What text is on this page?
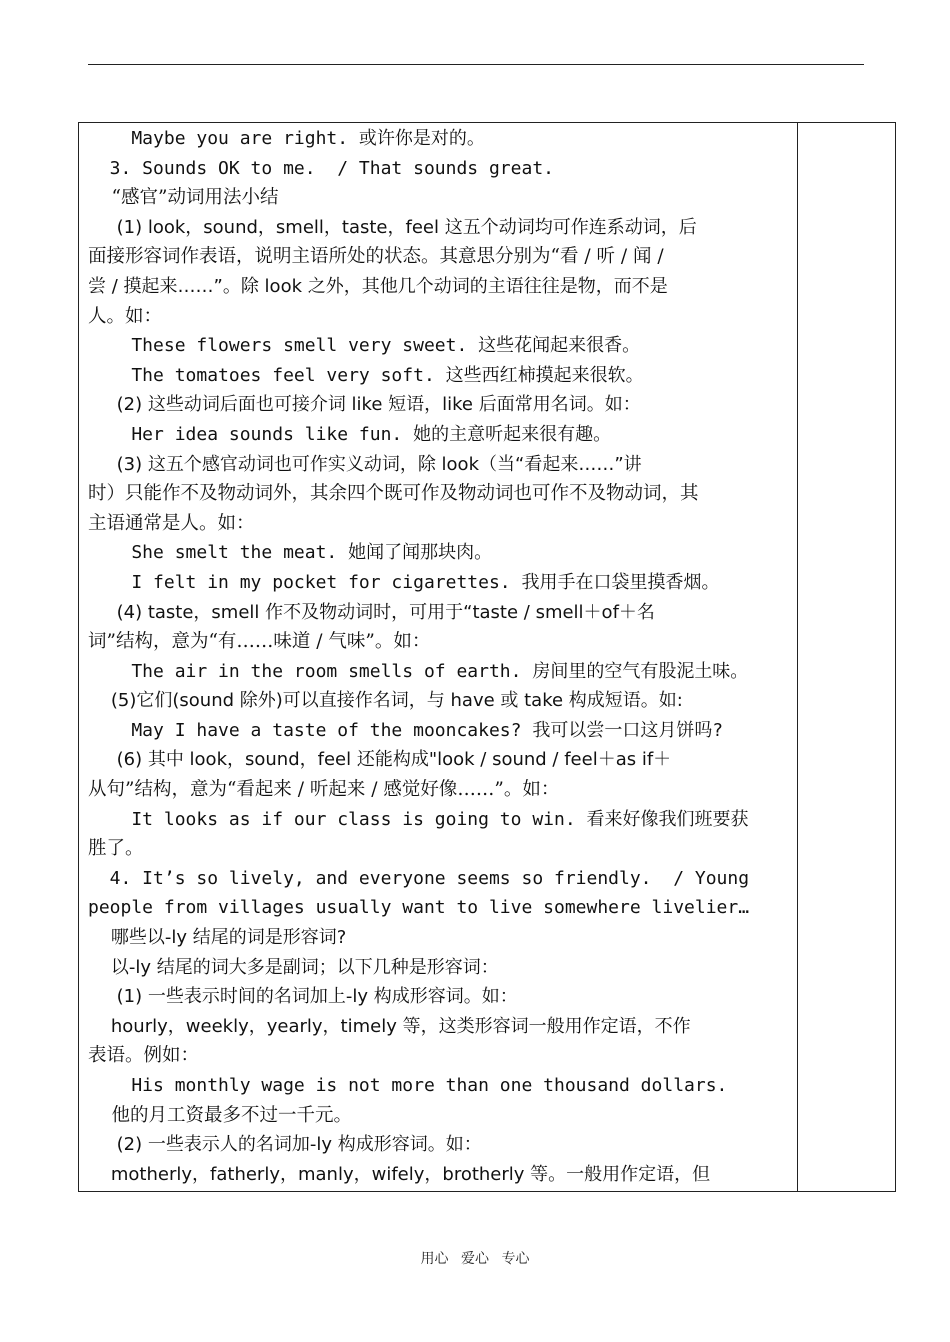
Maybe you are right. 或许你是对的。
3. Sounds OK to me.  / That sounds great.
“感官”动词用法小结
(1) look，sound，smell，taste，feel 这五个动词均可作连系动词，后
面接形容词作表语，说明主语所处的状态。其意思分别为“看 / 听 / 闻 /
尝 / 摸起来……”。除 look 之外，其他几个动词的主语往往是物，而不是
人。如：
These flowers smell very sweet. 这些花闻起来很香。
The tomatoes feel very soft. 这些西红柿摸起来很软。
(2) 这些动词后面也可接介词 like 短语，like 后面常用名词。如：
Her idea sounds like fun. 她的主意听起来很有趣。
(3) 这五个感官动词也可作实义动词，除 look（当“看起来……”讲
时）只能作不及物动词外，其余四个既可作及物动词也可作不及物动词，其
主语通常是人。如：
She smelt the meat. 她闻了闻那块肉。
I felt in my pocket for cigarettes. 我用手在口袋里摸香烟。
(4) taste，smell 作不及物动词时，可用于“taste / smell＋of＋名
词”结构，意为“有……味道 / 气味”。如：
The air in the room smells of earth. 房间里的空气有股泥土味。
(5)它们(sound 除外)可以直接作名词，与 have 或 take 构成短语。如:
May I have a taste of the mooncakes? 我可以尝一口这月饼吗?
(6) 其中 look，sound，feel 还能构成"look / sound / feel＋as if＋
从句”结构，意为“看起来 / 听起来 / 感觉好像……”。如：
It looks as if our class is going to win. 看来好像我们班要获
胜了。
4. It’s so lively, and everyone seems so friendly.  / Young
people from villages usually want to live somewhere livelier…
哪些以-ly 结尾的词是形容词?
以-ly 结尾的词大多是副词；以下几种是形容词：
(1) 一些表示时间的名词加上-ly 构成形容词。如：
hourly，weekly，yearly，timely 等，这类形容词一般用作定语，不作
表语。例如：
His monthly wage is not more than one thousand dollars.
他的月工资最多不过一千元。
(2) 一些表示人的名词加-ly 构成形容词。如：
motherly，fatherly，manly，wifely，brotherly 等。一般用作定语，但
用心 爱心 专心
